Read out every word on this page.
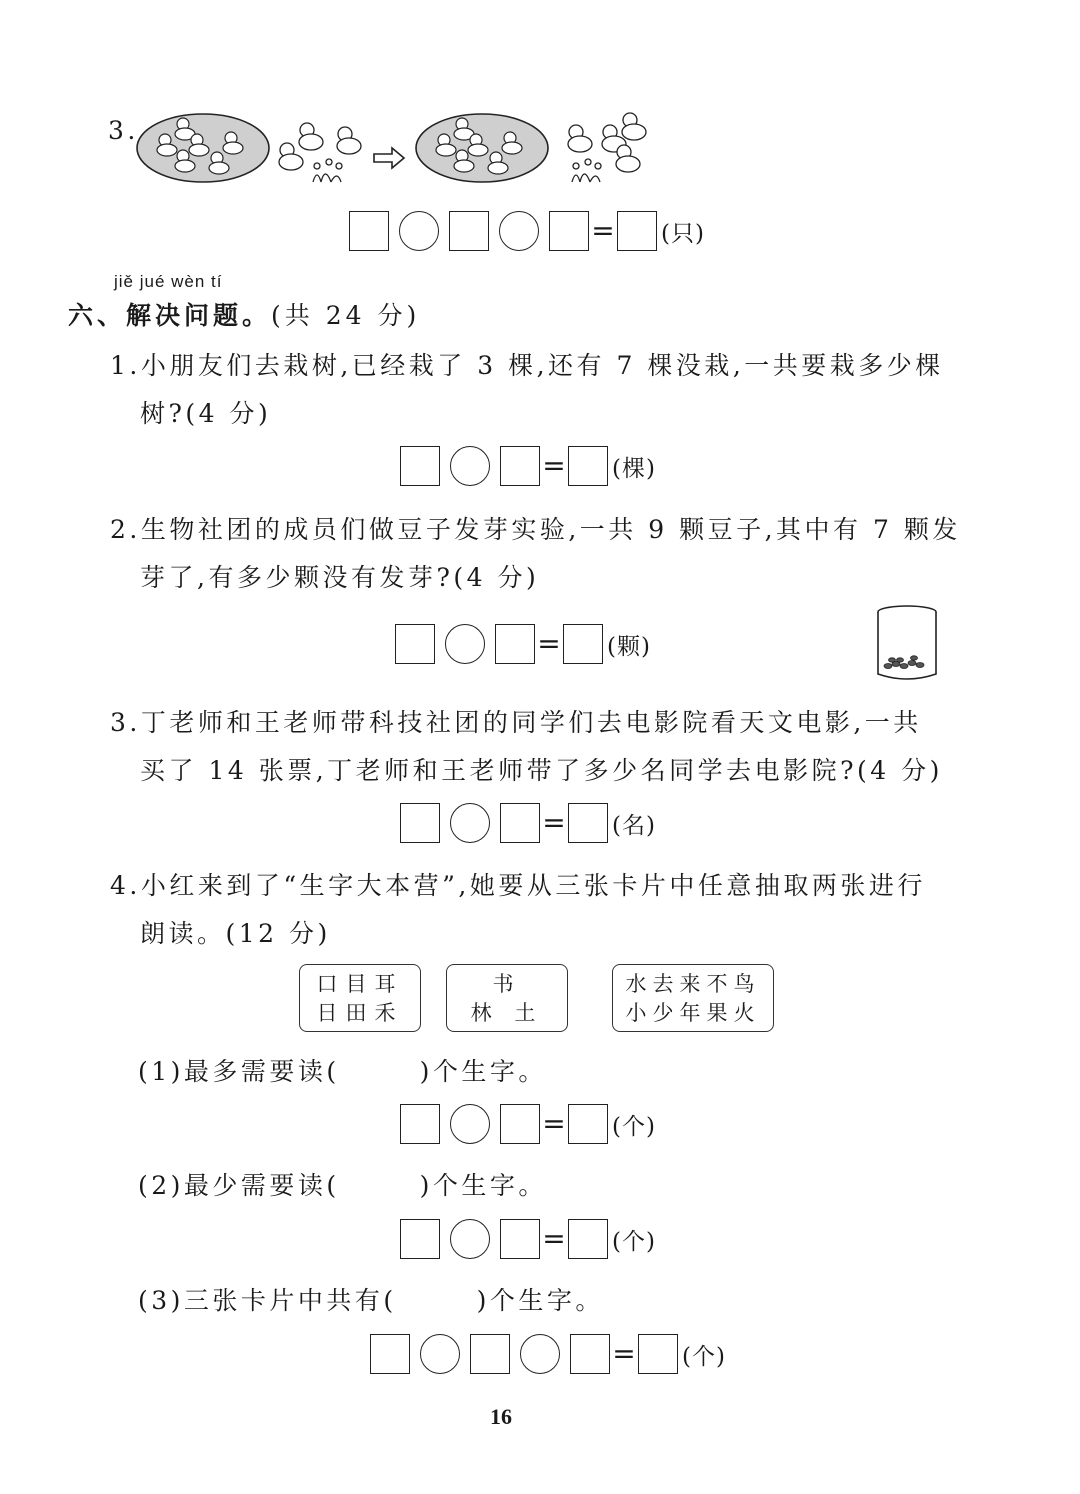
3.
= (只)
jiě jué wèn tí
六、解决问题。(共 24 分)
1.小朋友们去栽树,已经栽了 3 棵,还有 7 棵没栽,一共要栽多少棵
树?(4 分)
= (棵)
2.生物社团的成员们做豆子发芽实验,一共 9 颗豆子,其中有 7 颗发
芽了,有多少颗没有发芽?(4 分)
= (颗)
3.丁老师和王老师带科技社团的同学们去电影院看天文电影,一共
买了 14 张票,丁老师和王老师带了多少名同学去电影院?(4 分)
= (名)
4.小红来到了“生字大本营”,她要从三张卡片中任意抽取两张进行
朗读。(12 分)
口目耳
日田禾
书
林 土
水去来不鸟
小少年果火
(1)最多需要读(	)个生字。
= (个)
(2)最少需要读(	)个生字。
= (个)
(3)三张卡片中共有(	)个生字。
= (个)
16
